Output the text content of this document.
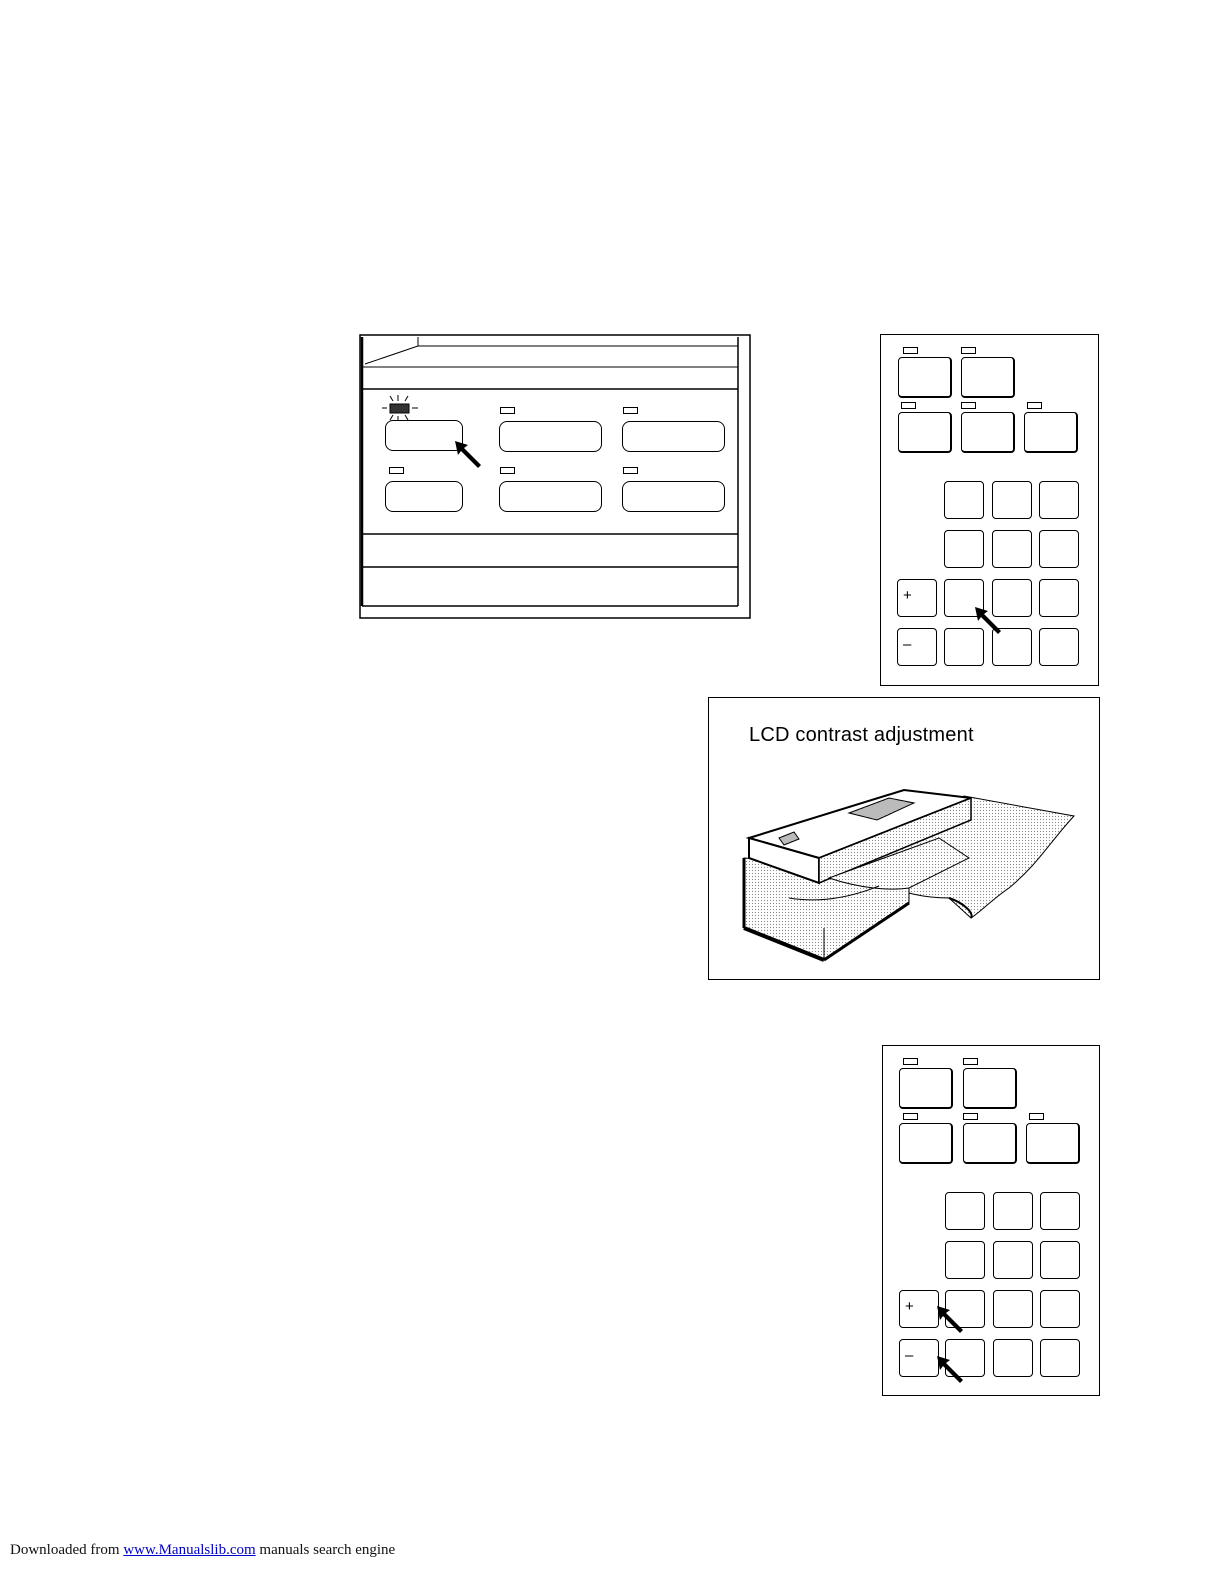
+
–
LCD contrast adjustment
+
–
Downloaded from www.Manualslib.com manuals search engine
